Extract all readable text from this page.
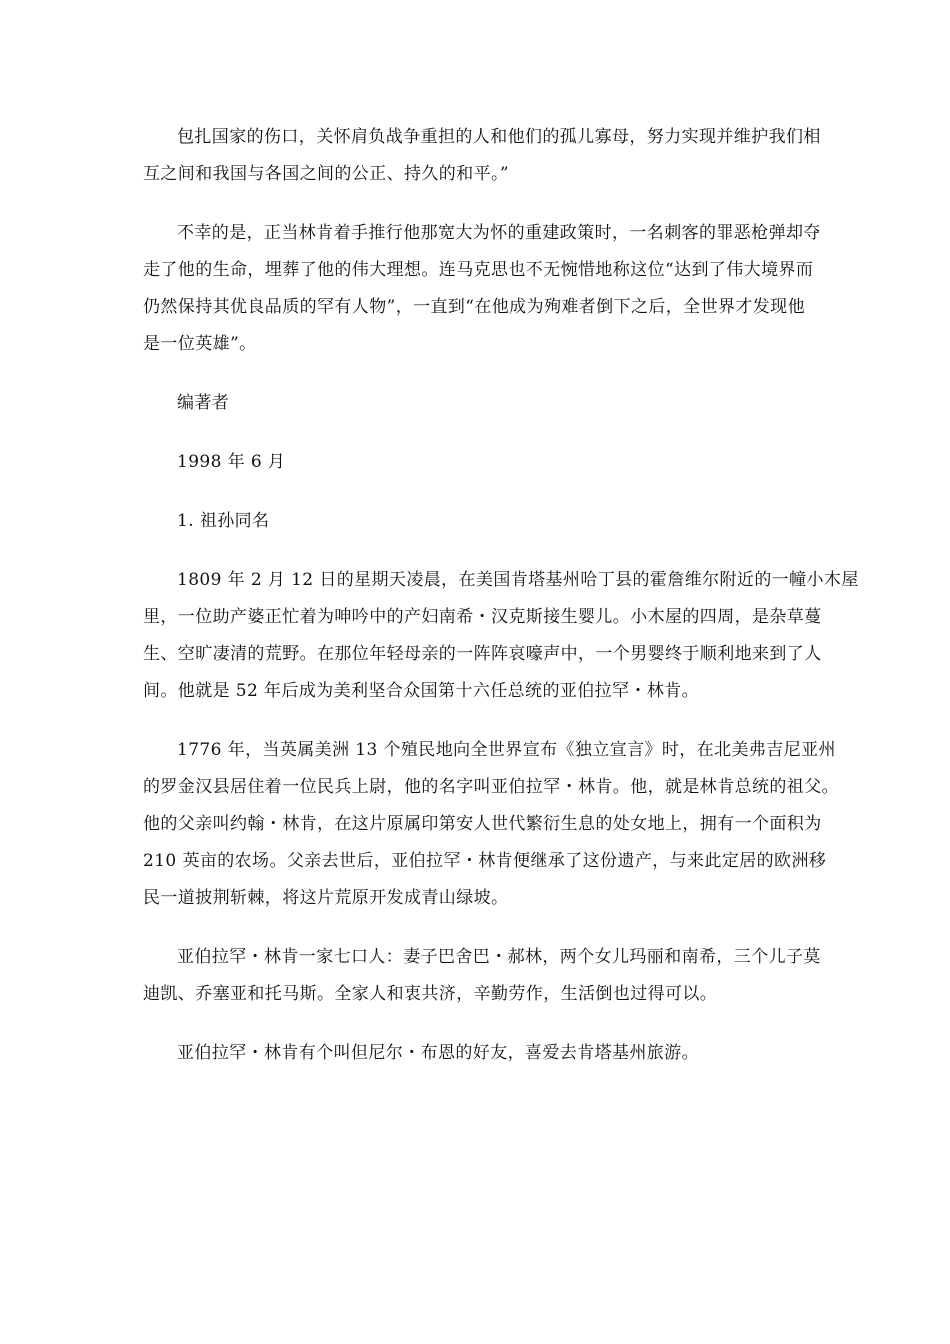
包扎国家的伤口，关怀肩负战争重担的人和他们的孤儿寡母，努力实现并维护我们相
互之间和我国与各国之间的公正、持久的和平。”

不幸的是，正当林肯着手推行他那宽大为怀的重建政策时，一名刺客的罪恶枪弹却夺
走了他的生命，埋葬了他的伟大理想。连马克思也不无惋惜地称这位“达到了伟大境界而
仍然保持其优良品质的罕有人物”，一直到“在他成为殉难者倒下之后，全世界才发现他
是一位英雄”。

编著者

1998 年 6 月

1. 祖孙同名

1809 年 2 月 12 日的星期天凌晨，在美国肯塔基州哈丁县的霍詹维尔附近的一幢小木屋
里，一位助产婆正忙着为呻吟中的产妇南希・汉克斯接生婴儿。小木屋的四周，是杂草蔓
生、空旷凄清的荒野。在那位年轻母亲的一阵阵哀嚎声中，一个男婴终于顺利地来到了人
间。他就是 52 年后成为美利坚合众国第十六任总统的亚伯拉罕・林肯。

1776 年，当英属美洲 13 个殖民地向全世界宣布《独立宣言》时，在北美弗吉尼亚州
的罗金汉县居住着一位民兵上尉，他的名字叫亚伯拉罕・林肯。他，就是林肯总统的祖父。
他的父亲叫约翰・林肯，在这片原属印第安人世代繁衍生息的处女地上，拥有一个面积为
210 英亩的农场。父亲去世后，亚伯拉罕・林肯便继承了这份遗产，与来此定居的欧洲移
民一道披荆斩棘，将这片荒原开发成青山绿坡。

亚伯拉罕・林肯一家七口人：妻子巴舍巴・郝林，两个女儿玛丽和南希，三个儿子莫
迪凯、乔塞亚和托马斯。全家人和衷共济，辛勤劳作，生活倒也过得可以。

亚伯拉罕・林肯有个叫但尼尔・布恩的好友，喜爱去肯塔基州旅游。
